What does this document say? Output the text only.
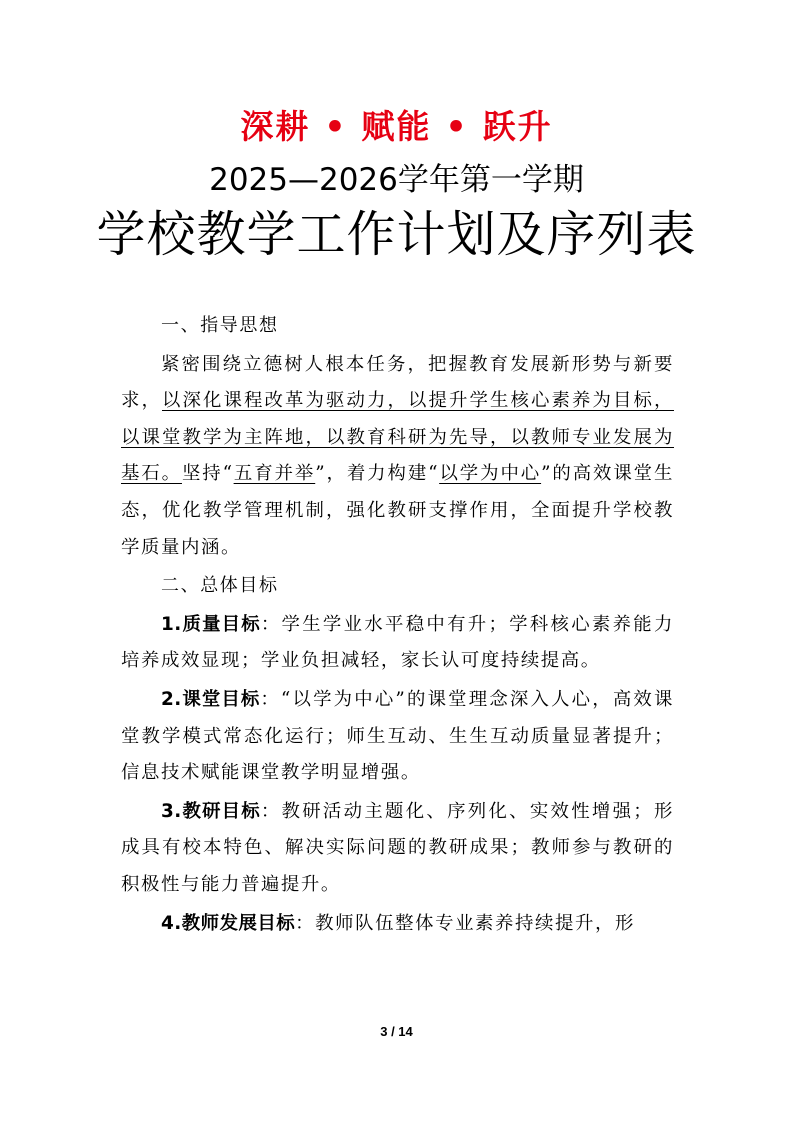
深耕 • 赋能 • 跃升
2025—2026学年第一学期
学校教学工作计划及序列表

一、指导思想

紧密围绕立德树人根本任务，把握教育发展新形势与新要求，以深化课程改革为驱动力，以提升学生核心素养为目标，以课堂教学为主阵地，以教育科研为先导，以教师专业发展为基石。坚持“五育并举”，着力构建“以学为中心”的高效课堂生态，优化教学管理机制，强化教研支撑作用，全面提升学校教学质量内涵。

二、总体目标

1.质量目标：学生学业水平稳中有升；学科核心素养能力培养成效显现；学业负担减轻，家长认可度持续提高。

2.课堂目标：“以学为中心”的课堂理念深入人心，高效课堂教学模式常态化运行；师生互动、生生互动质量显著提升；信息技术赋能课堂教学明显增强。

3.教研目标：教研活动主题化、序列化、实效性增强；形成具有校本特色、解决实际问题的教研成果；教师参与教研的积极性与能力普遍提升。

4.教师发展目标：教师队伍整体专业素养持续提升，形

3 / 14
